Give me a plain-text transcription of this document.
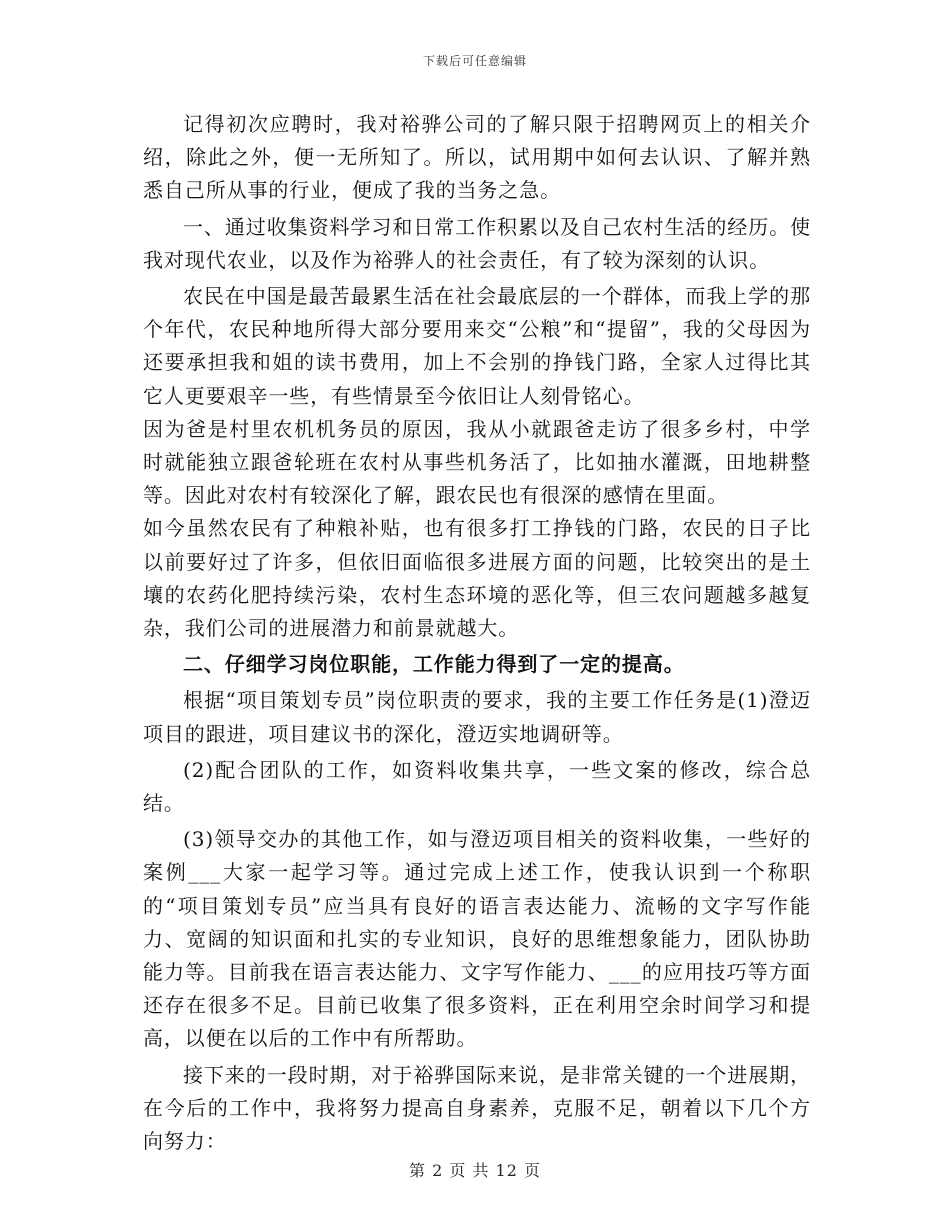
下载后可任意编辑

记得初次应聘时，我对裕骅公司的了解只限于招聘网页上的相关介绍，除此之外，便一无所知了。所以，试用期中如何去认识、了解并熟悉自己所从事的行业，便成了我的当务之急。

一、通过收集资料学习和日常工作积累以及自己农村生活的经历。使我对现代农业，以及作为裕骅人的社会责任，有了较为深刻的认识。

农民在中国是最苦最累生活在社会最底层的一个群体，而我上学的那个年代，农民种地所得大部分要用来交“公粮”和“提留”，我的父母因为还要承担我和姐的读书费用，加上不会别的挣钱门路，全家人过得比其它人更要艰辛一些，有些情景至今依旧让人刻骨铭心。

因为爸是村里农机机务员的原因，我从小就跟爸走访了很多乡村，中学时就能独立跟爸轮班在农村从事些机务活了，比如抽水灌溉，田地耕整等。因此对农村有较深化了解，跟农民也有很深的感情在里面。

如今虽然农民有了种粮补贴，也有很多打工挣钱的门路，农民的日子比以前要好过了许多，但依旧面临很多进展方面的问题，比较突出的是土壤的农药化肥持续污染，农村生态环境的恶化等，但三农问题越多越复杂，我们公司的进展潜力和前景就越大。

二、仔细学习岗位职能，工作能力得到了一定的提高。

根据“项目策划专员”岗位职责的要求，我的主要工作任务是(1)澄迈项目的跟进，项目建议书的深化，澄迈实地调研等。

(2)配合团队的工作，如资料收集共享，一些文案的修改，综合总结。

(3)领导交办的其他工作，如与澄迈项目相关的资料收集，一些好的案例___大家一起学习等。通过完成上述工作，使我认识到一个称职的“项目策划专员”应当具有良好的语言表达能力、流畅的文字写作能力、宽阔的知识面和扎实的专业知识，良好的思维想象能力，团队协助能力等。目前我在语言表达能力、文字写作能力、___的应用技巧等方面还存在很多不足。目前已收集了很多资料，正在利用空余时间学习和提高，以便在以后的工作中有所帮助。

接下来的一段时期，对于裕骅国际来说，是非常关键的一个进展期，在今后的工作中，我将努力提高自身素养，克服不足，朝着以下几个方向努力：

第 2 页 共 12 页
